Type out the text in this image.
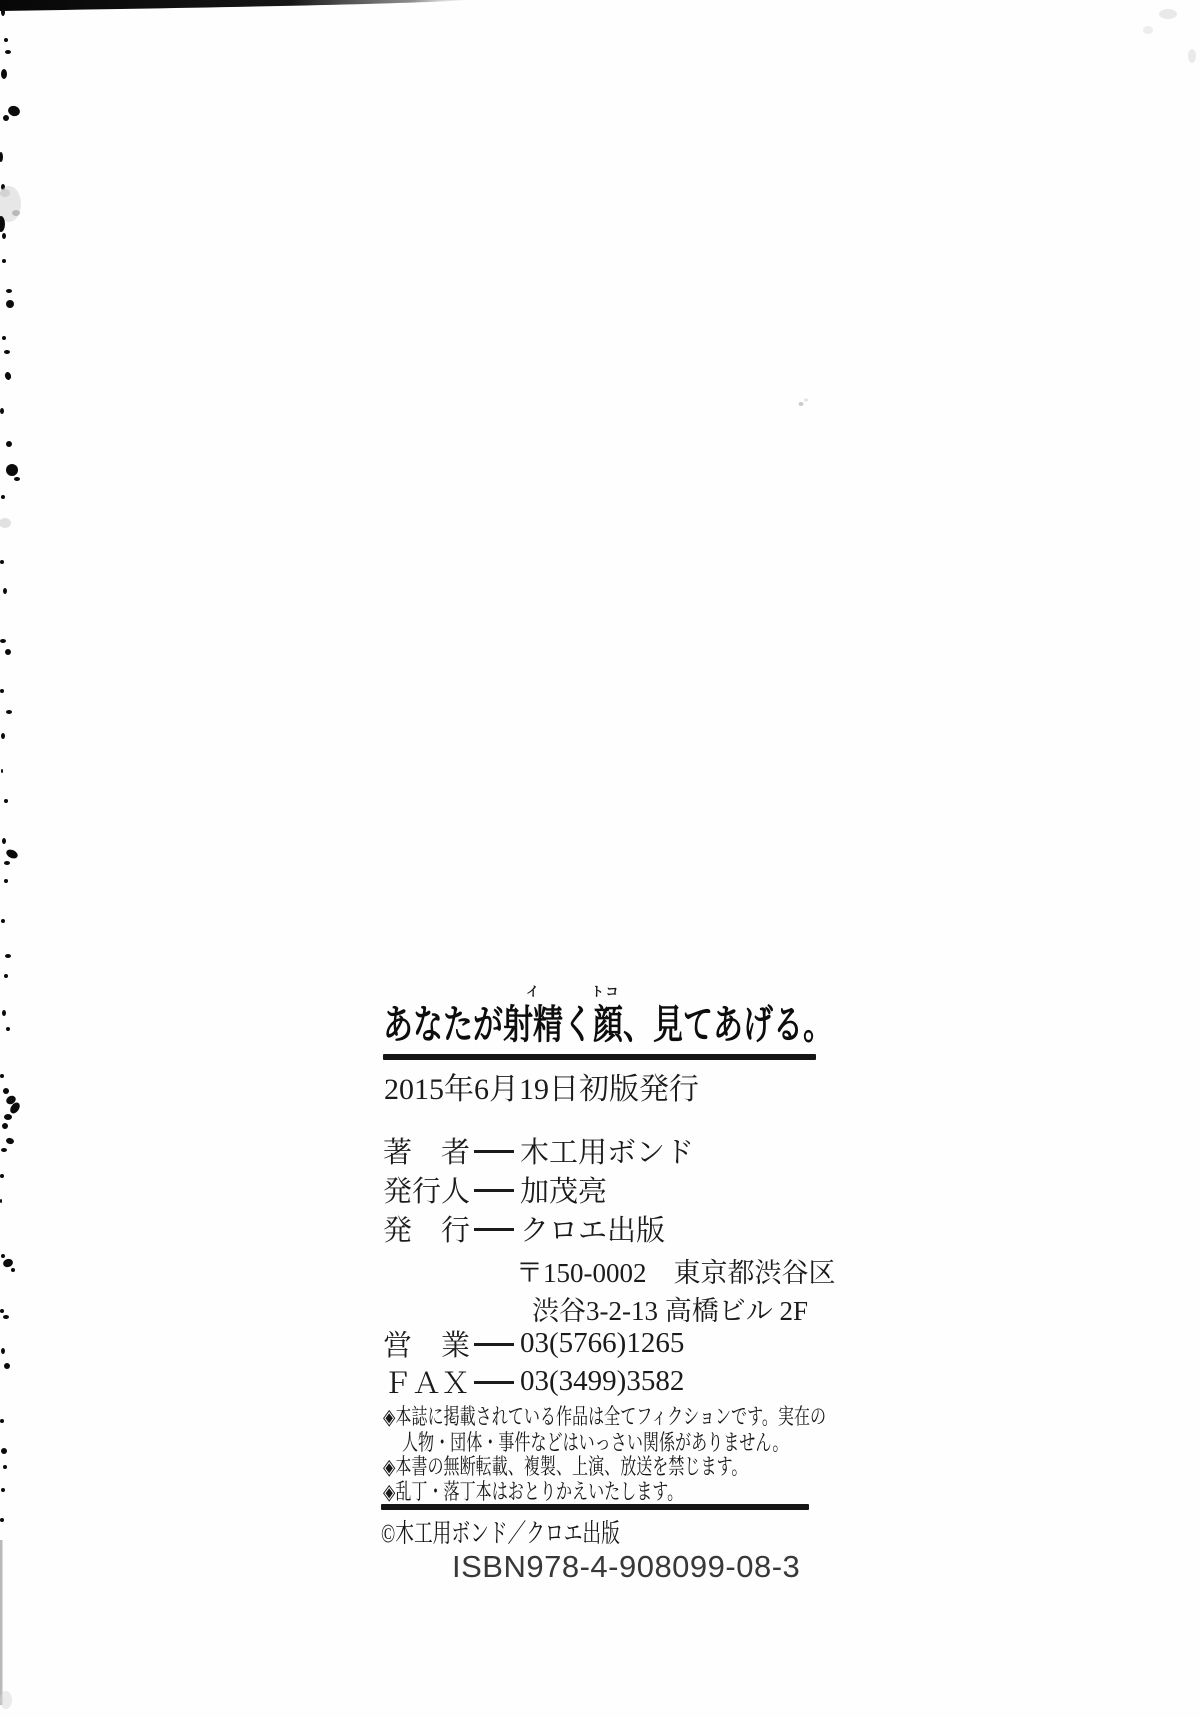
イ	トコ
あなたが射精く顔、見てあげる。
2015年6月19日初版発行
著　者 木工用ボンド
発行人 加茂亮
発　行 クロエ出版
〒150-0002　東京都渋谷区
渋谷3-2-13 高橋ビル 2F
営　業 03(5766)1265
ＦＡＸ 03(3499)3582
◈本誌に掲載されている作品は全てフィクションです。実在の
人物・団体・事件などはいっさい関係がありません。
◈本書の無断転載、複製、上演、放送を禁じます。
◈乱丁・落丁本はおとりかえいたします。
©木工用ボンド／クロエ出版
ISBN978-4-908099-08-3
